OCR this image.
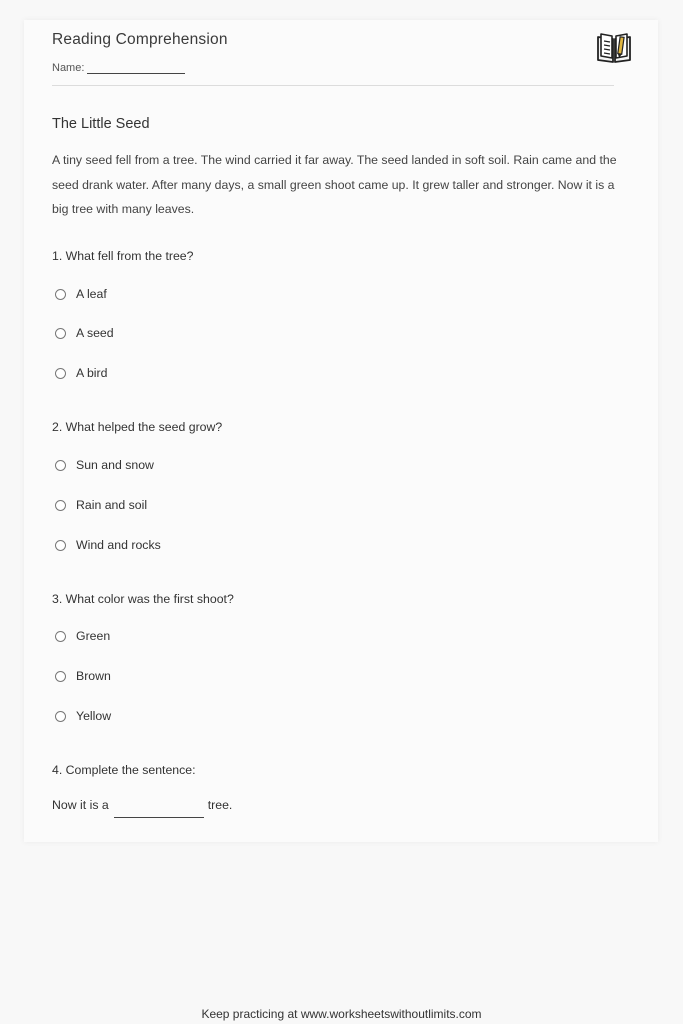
Reading Comprehension
Name:
The Little Seed

A tiny seed fell from a tree. The wind carried it far away. The seed landed in soft soil. Rain came and the seed drank water. After many days, a small green shoot came up. It grew taller and stronger. Now it is a big tree with many leaves.

1. What fell from the tree?
A leaf
A seed
A bird
2. What helped the seed grow?
Sun and snow
Rain and soil
Wind and rocks
3. What color was the first shoot?
Green
Brown
Yellow
4. Complete the sentence:
Now it is a	tree.
Keep practicing at www.worksheetswithoutlimits.com
